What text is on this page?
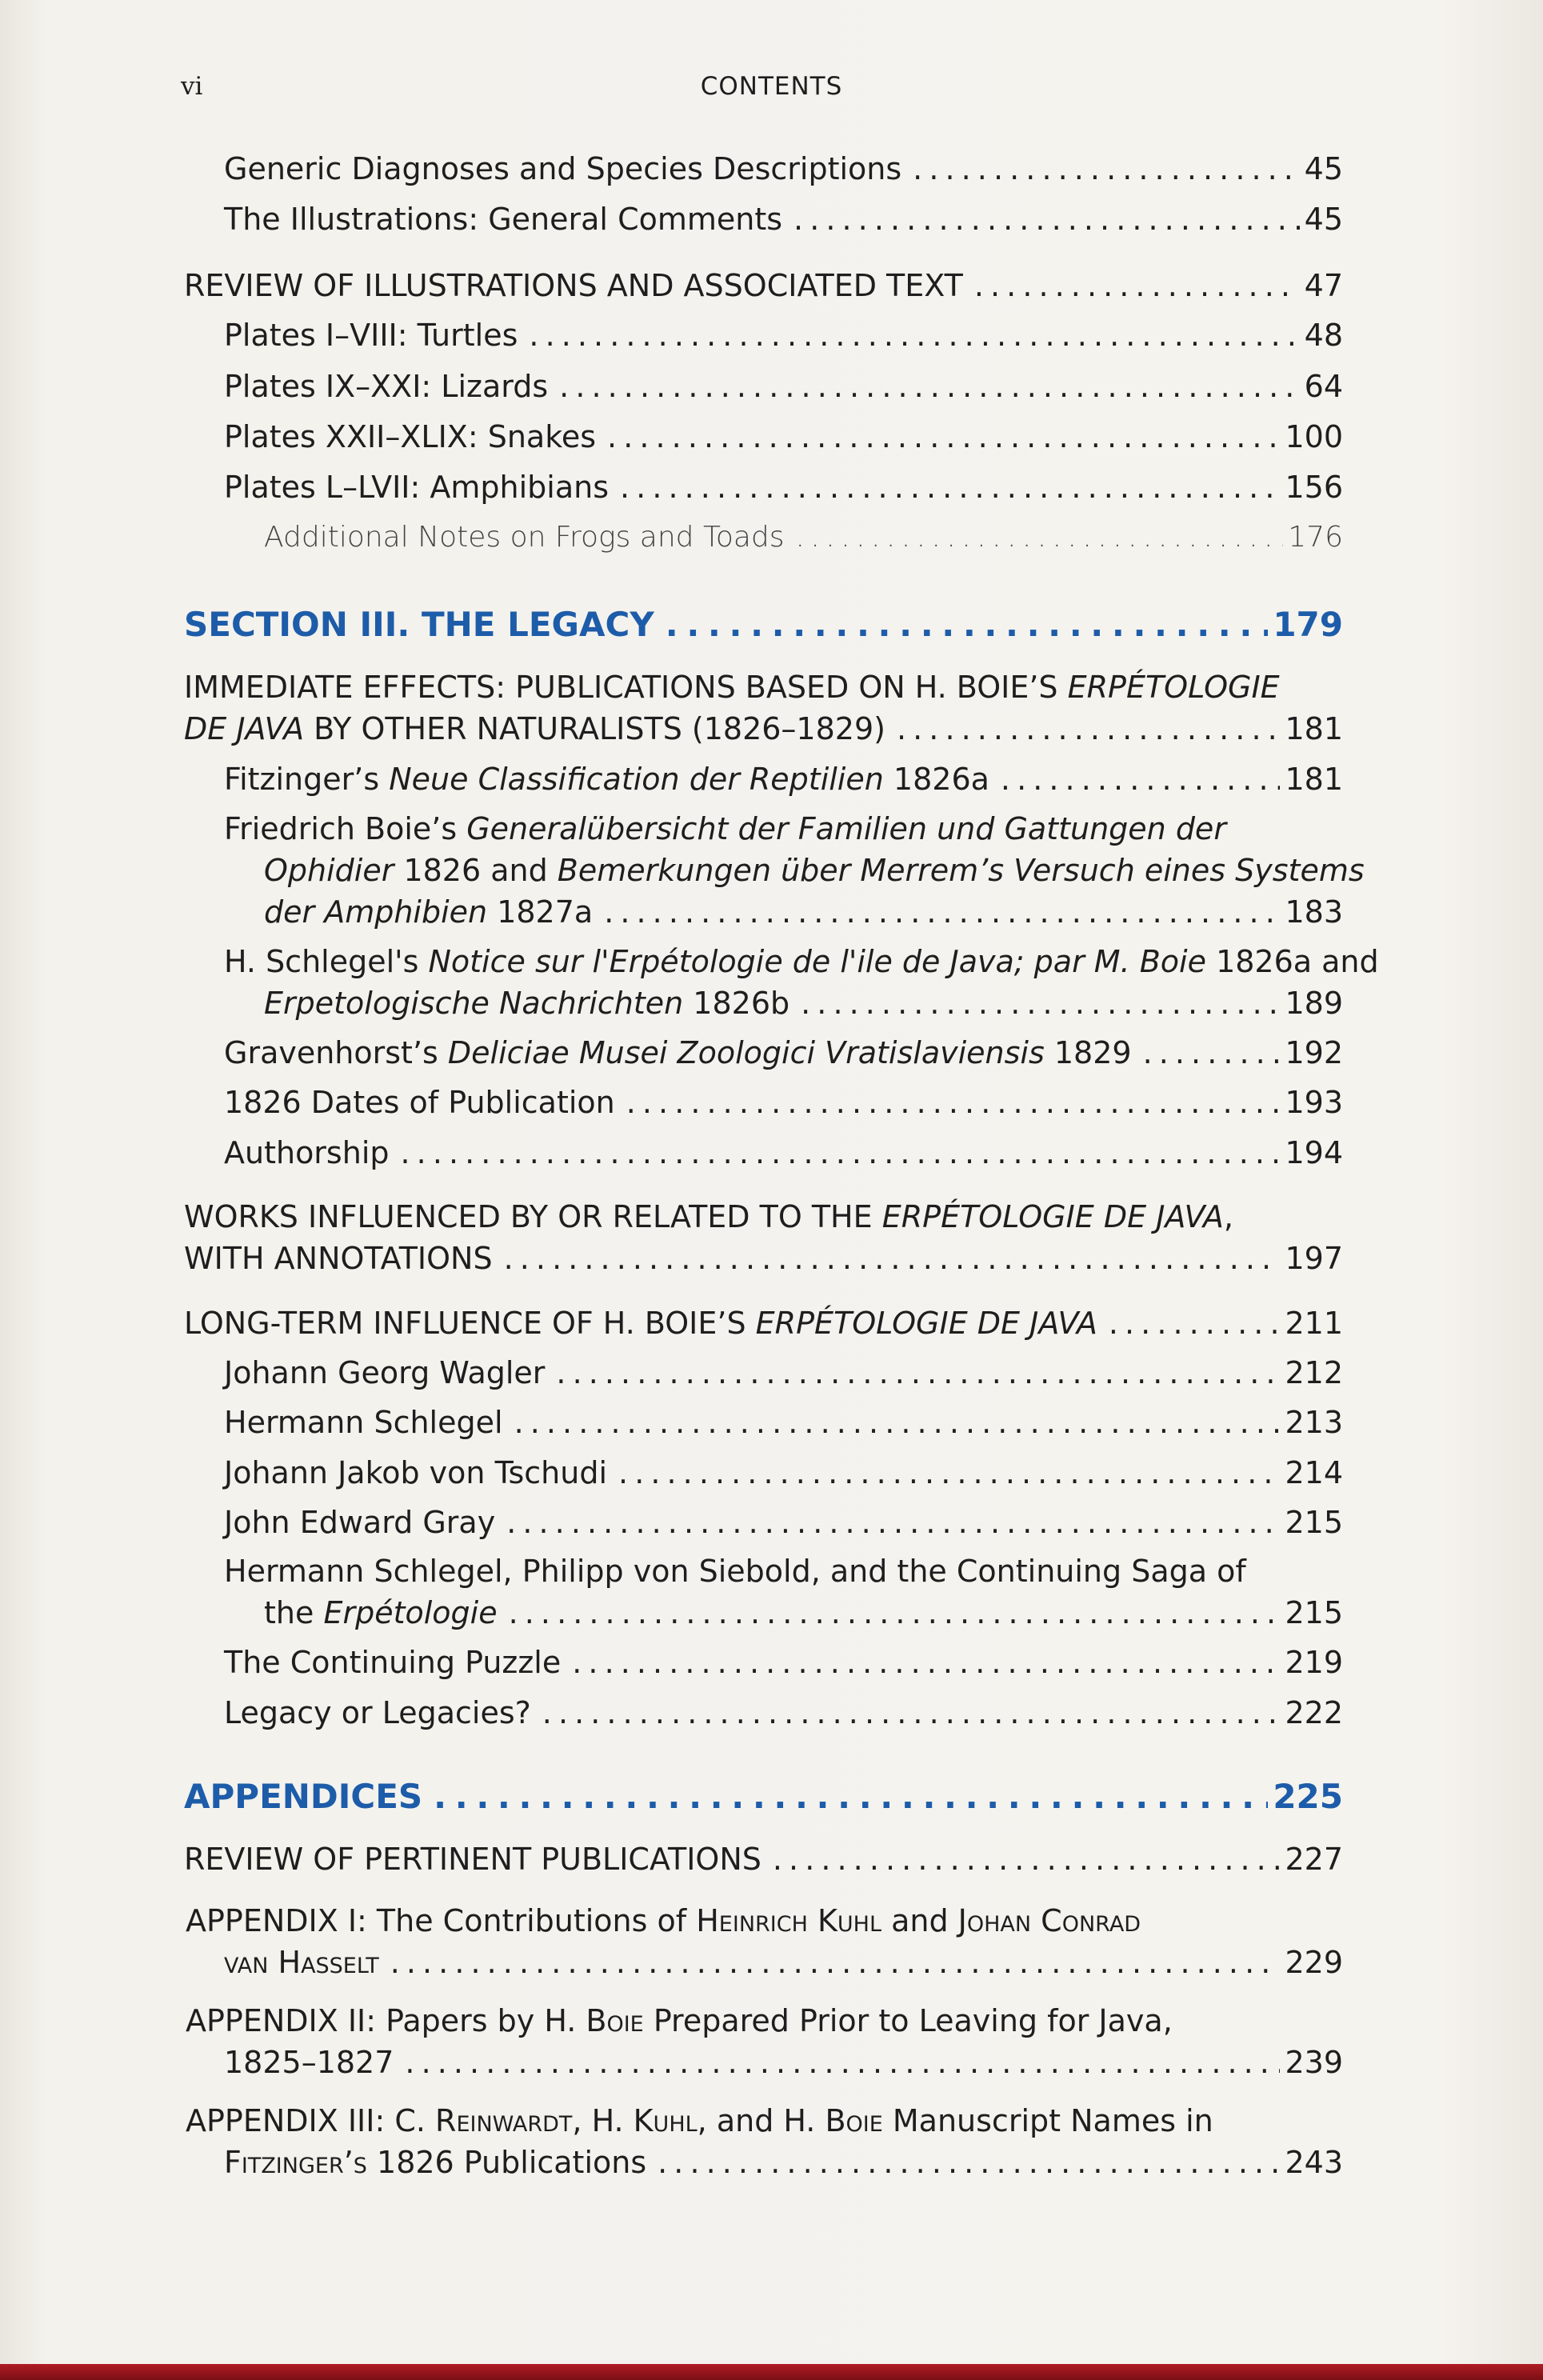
vi	CONTENTS
Generic Diagnoses and Species Descriptions . . .	45
The Illustrations: General Comments . . .	45
REVIEW OF ILLUSTRATIONS AND ASSOCIATED TEXT . . .	47
Plates I–VIII: Turtles . . .	48
Plates IX–XXI: Lizards . . .	64
Plates XXII–XLIX: Snakes . . .	100
Plates L–LVII: Amphibians . . .	156
Additional Notes on Frogs and Toads . . .	176
SECTION III. THE LEGACY . . .	179
IMMEDIATE EFFECTS: PUBLICATIONS BASED ON H. BOIE’S ERPÉTOLOGIE
DE JAVA BY OTHER NATURALISTS (1826–1829) . . .	181
Fitzinger’s Neue Classification der Reptilien 1826a . . .	181
Friedrich Boie’s Generalübersicht der Familien und Gattungen der
Ophidier 1826 and Bemerkungen über Merrem’s Versuch eines Systems
der Amphibien 1827a . . .	183
H. Schlegel's Notice sur l'Erpétologie de l'ile de Java; par M. Boie 1826a and
Erpetologische Nachrichten 1826b . . .	189
Gravenhorst’s Deliciae Musei Zoologici Vratislaviensis 1829 . . .	192
1826 Dates of Publication . . .	193
Authorship . . .	194
WORKS INFLUENCED BY OR RELATED TO THE ERPÉTOLOGIE DE JAVA,
WITH ANNOTATIONS . . .	197
LONG-TERM INFLUENCE OF H. BOIE’S ERPÉTOLOGIE DE JAVA . . .	211
Johann Georg Wagler . . .	212
Hermann Schlegel . . .	213
Johann Jakob von Tschudi . . .	214
John Edward Gray . . .	215
Hermann Schlegel, Philipp von Siebold, and the Continuing Saga of
the Erpétologie . . .	215
The Continuing Puzzle . . .	219
Legacy or Legacies? . . .	222
APPENDICES . . .	225
REVIEW OF PERTINENT PUBLICATIONS . . .	227
APPENDIX I: The Contributions of Heinrich Kuhl and Johan Conrad
van Hasselt . . .	229
APPENDIX II: Papers by H. Boie Prepared Prior to Leaving for Java,
1825–1827 . . .	239
APPENDIX III: C. Reinwardt, H. Kuhl, and H. Boie Manuscript Names in
Fitzinger’s 1826 Publications . . .	243
